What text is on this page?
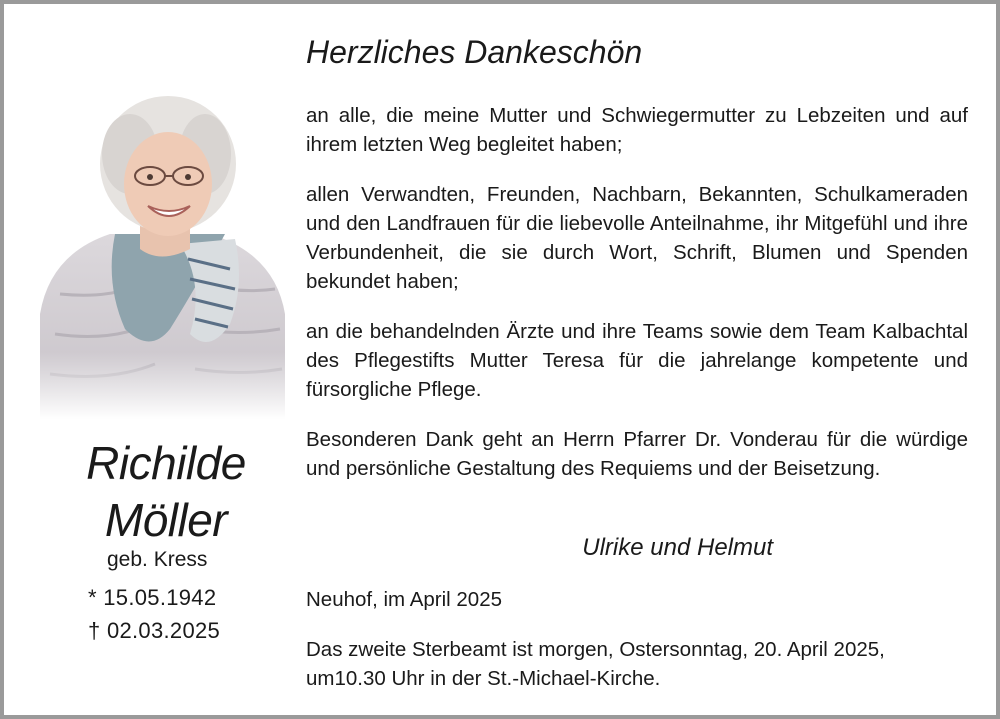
Richilde
Möller
geb. Kress
* 15.05.1942
† 02.03.2025
Herzliches Dankeschön

an alle, die meine Mutter und Schwiegermutter zu Lebzeiten und auf ihrem letzten Weg begleitet haben;

allen Verwandten, Freunden, Nachbarn, Bekannten, Schulkameraden und den Landfrauen für die liebevolle Anteilnahme, ihr Mitgefühl und ihre Verbundenheit, die sie durch Wort, Schrift, Blumen und Spenden bekundet haben;

an die behandelnden Ärzte und ihre Teams sowie dem Team Kalbachtal des Pflegestifts Mutter Teresa für die jahrelange kompetente und fürsorgliche Pflege.

Besonderen Dank geht an Herrn Pfarrer Dr. Vonderau für die würdige und persönliche Gestaltung des Requiems und der Beisetzung.

Ulrike und Helmut
Neuhof, im April 2025

Das zweite Sterbeamt ist morgen, Ostersonntag, 20. April 2025, um10.30 Uhr in der St.-Michael-Kirche.
